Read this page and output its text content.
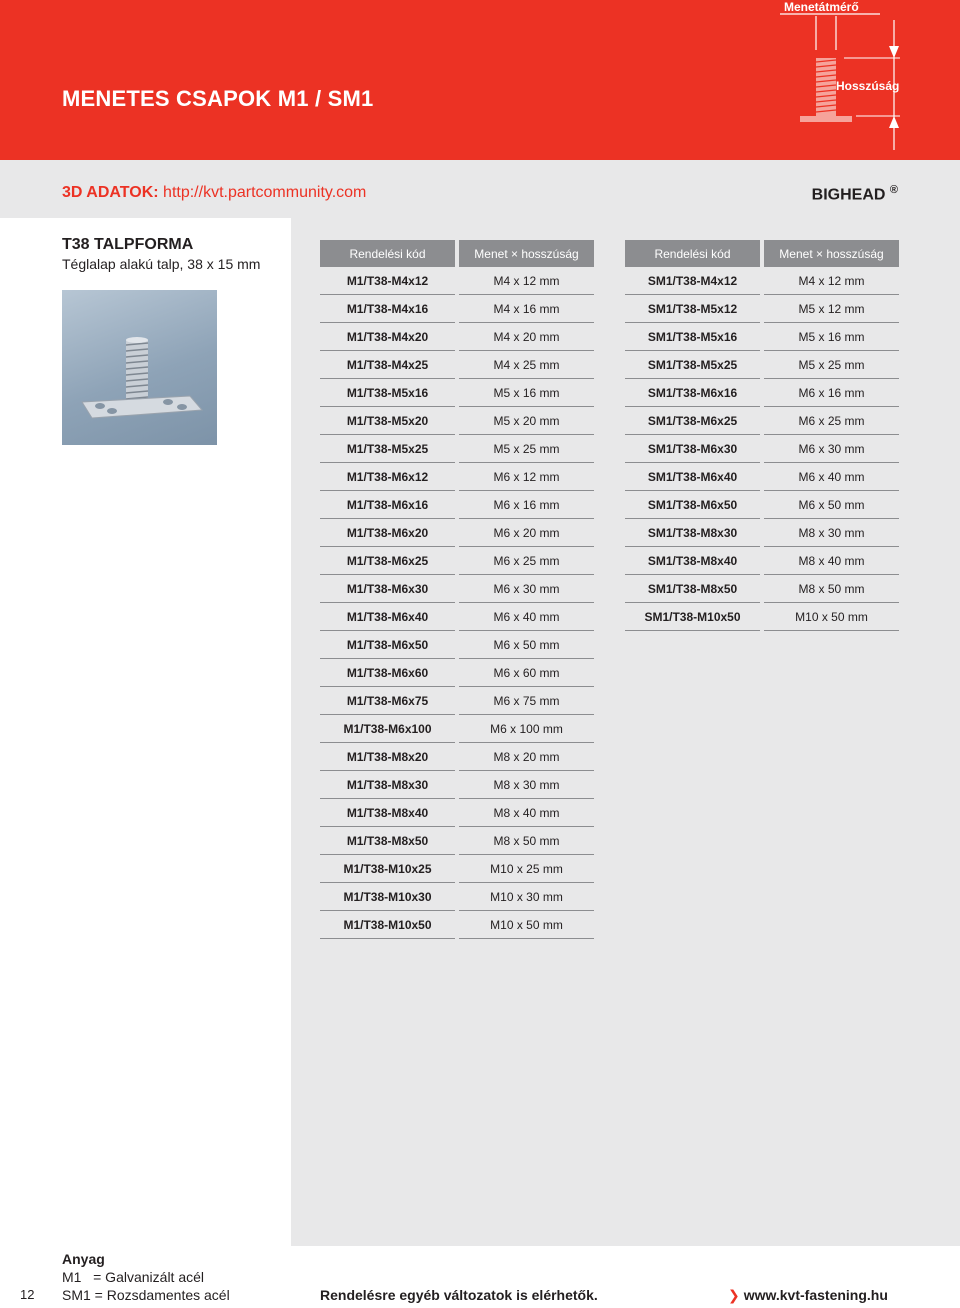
MENETES CSAPOK M1 / SM1
Menetátmérő
Hosszúság
3D ADATOK: http://kvt.partcommunity.com	BIGHEAD ®
T38 TALPFORMA
Téglalap alakú talp, 38 x 15 mm
Rendelési kód		Menet × hosszúság
M1/T38-M4x12		M4 x 12 mm
M1/T38-M4x16		M4 x 16 mm
M1/T38-M4x20		M4 x 20 mm
M1/T38-M4x25		M4 x 25 mm
M1/T38-M5x16		M5 x 16 mm
M1/T38-M5x20		M5 x 20 mm
M1/T38-M5x25		M5 x 25 mm
M1/T38-M6x12		M6 x 12 mm
M1/T38-M6x16		M6 x 16 mm
M1/T38-M6x20		M6 x 20 mm
M1/T38-M6x25		M6 x 25 mm
M1/T38-M6x30		M6 x 30 mm
M1/T38-M6x40		M6 x 40 mm
M1/T38-M6x50		M6 x 50 mm
M1/T38-M6x60		M6 x 60 mm
M1/T38-M6x75		M6 x 75 mm
M1/T38-M6x100		M6 x 100 mm
M1/T38-M8x20		M8 x 20 mm
M1/T38-M8x30		M8 x 30 mm
M1/T38-M8x40		M8 x 40 mm
M1/T38-M8x50		M8 x 50 mm
M1/T38-M10x25		M10 x 25 mm
M1/T38-M10x30		M10 x 30 mm
M1/T38-M10x50		M10 x 50 mm
Rendelési kód		Menet × hosszúság
SM1/T38-M4x12		M4 x 12 mm
SM1/T38-M5x12		M5 x 12 mm
SM1/T38-M5x16		M5 x 16 mm
SM1/T38-M5x25		M5 x 25 mm
SM1/T38-M6x16		M6 x 16 mm
SM1/T38-M6x25		M6 x 25 mm
SM1/T38-M6x30		M6 x 30 mm
SM1/T38-M6x40		M6 x 40 mm
SM1/T38-M6x50		M6 x 50 mm
SM1/T38-M8x30		M8 x 30 mm
SM1/T38-M8x40		M8 x 40 mm
SM1/T38-M8x50		M8 x 50 mm
SM1/T38-M10x50		M10 x 50 mm
12
Anyag
M1   = Galvanizált acél
SM1 = Rozsdamentes acél	Rendelésre egyéb változatok is elérhetők.	❯ www.kvt-fastening.hu
